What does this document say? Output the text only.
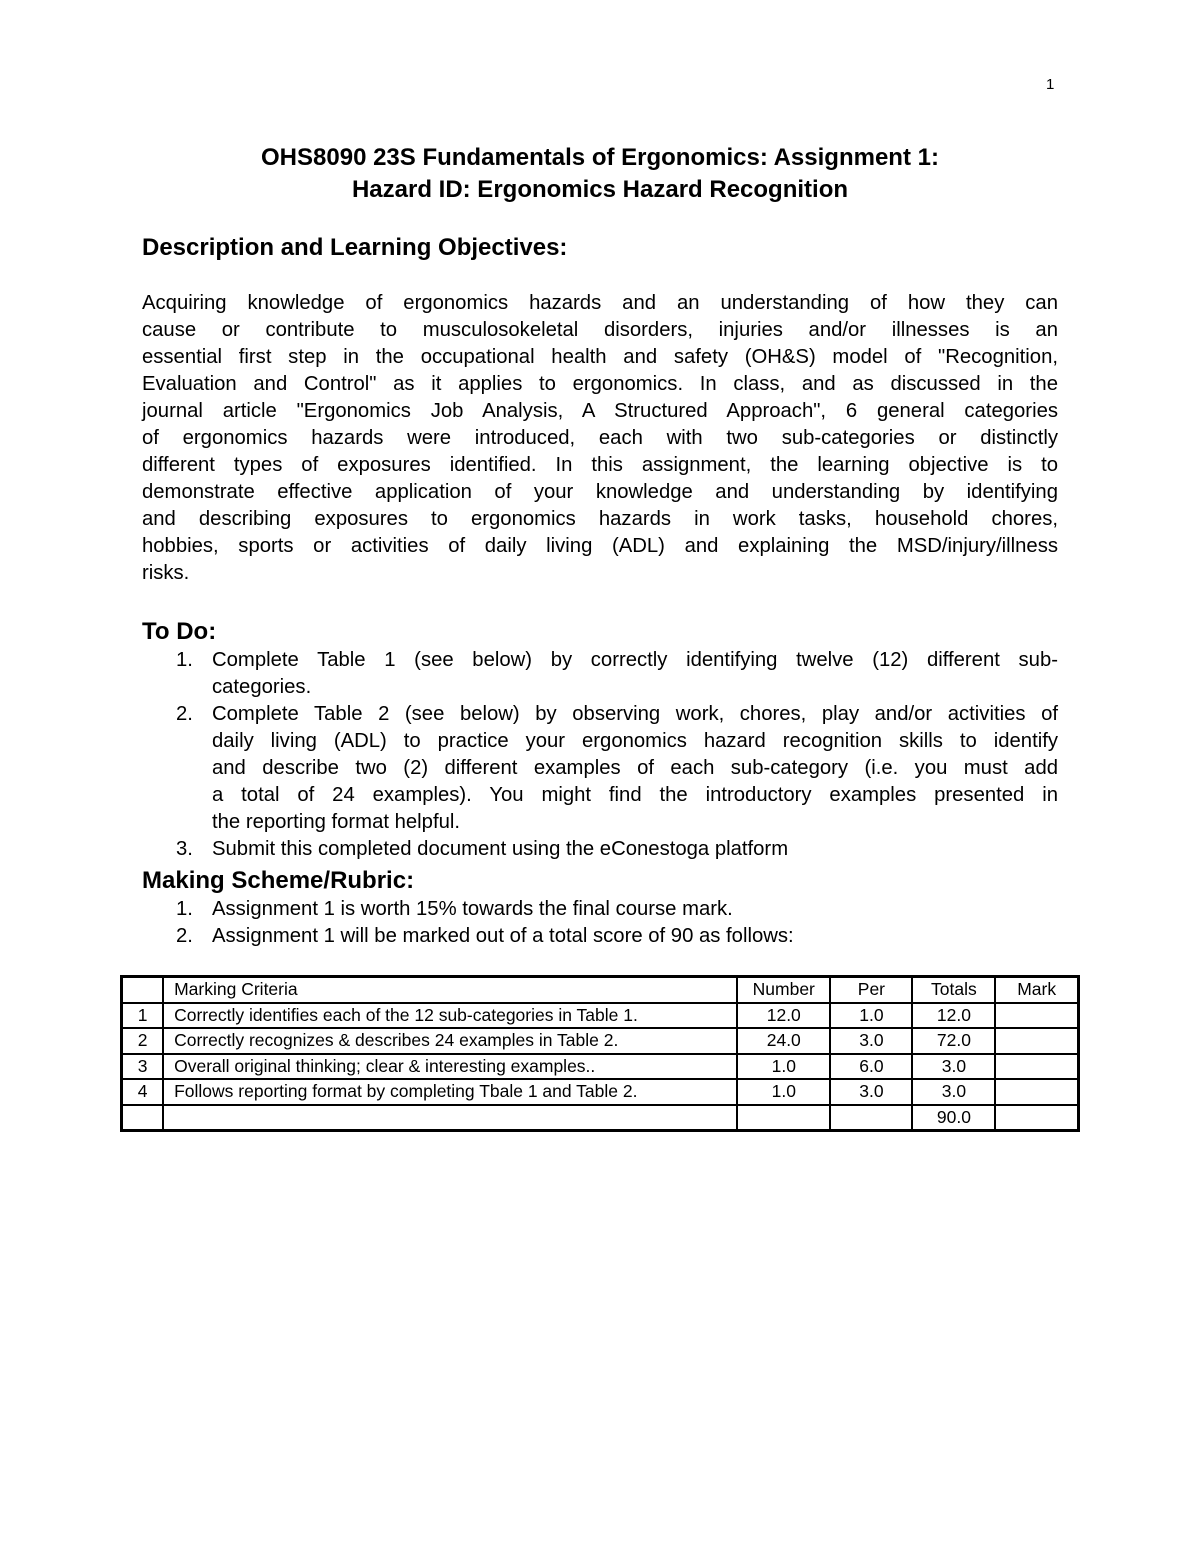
1
OHS8090 23S Fundamentals of Ergonomics: Assignment 1:
Hazard ID: Ergonomics Hazard Recognition
Description and Learning Objectives:
Acquiring knowledge of ergonomics hazards and an understanding of how they can
cause or contribute to musculosokeletal disorders, injuries and/or illnesses is an
essential first step in the occupational health and safety (OH&S) model of "Recognition,
Evaluation and Control" as it applies to ergonomics. In class, and as discussed in the
journal article "Ergonomics Job Analysis, A Structured Approach", 6 general categories
of ergonomics hazards were introduced, each with two sub-categories or distinctly
different types of exposures identified. In this assignment, the learning objective is to
demonstrate effective application of your knowledge and understanding by identifying
and describing exposures to ergonomics hazards in work tasks, household chores,
hobbies, sports or activities of daily living (ADL) and explaining the MSD/injury/illness
risks.
To Do:
1. Complete Table 1 (see below) by correctly identifying twelve (12) different sub-
categories.
2. Complete Table 2 (see below) by observing work, chores, play and/or activities of
daily living (ADL) to practice your ergonomics hazard recognition skills to identify
and describe two (2) different examples of each sub-category (i.e. you must add
a total of 24 examples). You might find the introductory examples presented in
the reporting format helpful.
3. Submit this completed document using the eConestoga platform
Making Scheme/Rubric:
1. Assignment 1 is worth 15% towards the final course mark.
2. Assignment 1 will be marked out of a total score of 90 as follows:
	Marking Criteria	Number	Per	Totals	Mark
1	Correctly identifies each of the 12 sub-categories in Table 1.	12.0	1.0	12.0	
2	Correctly recognizes & describes 24 examples in Table 2.	24.0	3.0	72.0	
3	Overall original thinking; clear & interesting examples..	1.0	6.0	3.0	
4	Follows reporting format by completing Tbale 1 and Table 2.	1.0	3.0	3.0	
				90.0	
